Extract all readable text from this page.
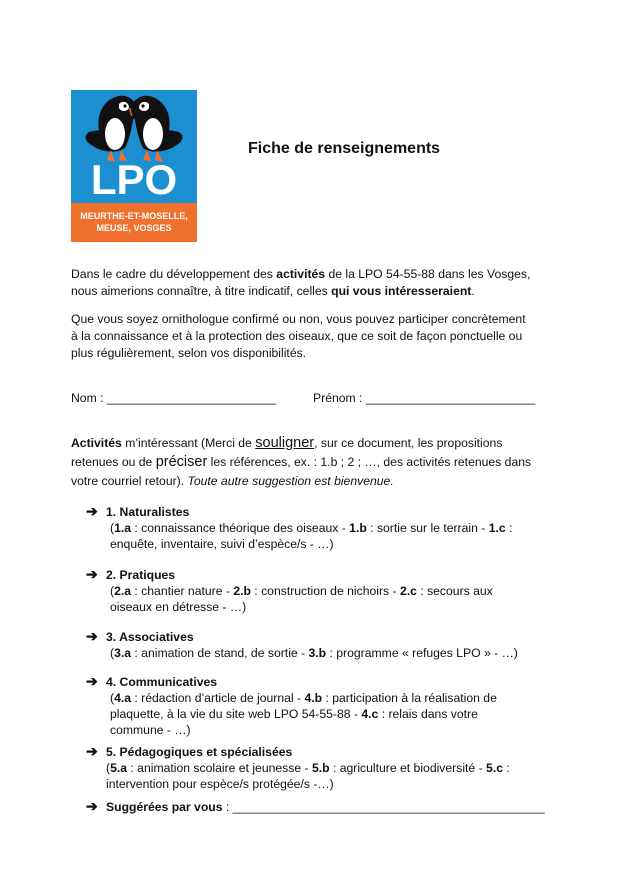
LPO
MEURTHE-ET-MOSELLE,
MEUSE, VOSGES
Fiche de renseignements
Dans le cadre du développement des activités de la LPO 54-55-88 dans les Vosges,
nous aimerions connaître, à titre indicatif, celles qui vous intéresseraient.
Que vous soyez ornithologue confirmé ou non, vous pouvez participer concrètement
à la connaissance et à la protection des oiseaux, que ce soit de façon ponctuelle ou
plus régulièrement, selon vos disponibilités.
Nom : _________________________	Prénom : _________________________
Activités m’intéressant (Merci de souligner, sur ce document, les propositions
retenues ou de préciser les références, ex. : 1.b ; 2 ; …, des activités retenues dans
votre courriel retour). Toute autre suggestion est bienvenue.
➔ 1. Naturalistes
(1.a : connaissance théorique des oiseaux - 1.b : sortie sur le terrain - 1.c :
enquête, inventaire, suivi d’espèce/s - …)
➔ 2. Pratiques
(2.a : chantier nature - 2.b : construction de nichoirs - 2.c : secours aux
oiseaux en détresse - …)
➔ 3. Associatives
(3.a : animation de stand, de sortie - 3.b : programme « refuges LPO » - …)
➔ 4. Communicatives
(4.a : rédaction d’article de journal - 4.b : participation à la réalisation de
plaquette, à la vie du site web LPO 54-55-88 - 4.c : relais dans votre
commune - …)
➔ 5. Pédagogiques et spécialisées
(5.a : animation scolaire et jeunesse - 5.b : agriculture et biodiversité - 5.c :
intervention pour espèce/s protégée/s -…)
➔ Suggérées par vous : ______________________________________________
